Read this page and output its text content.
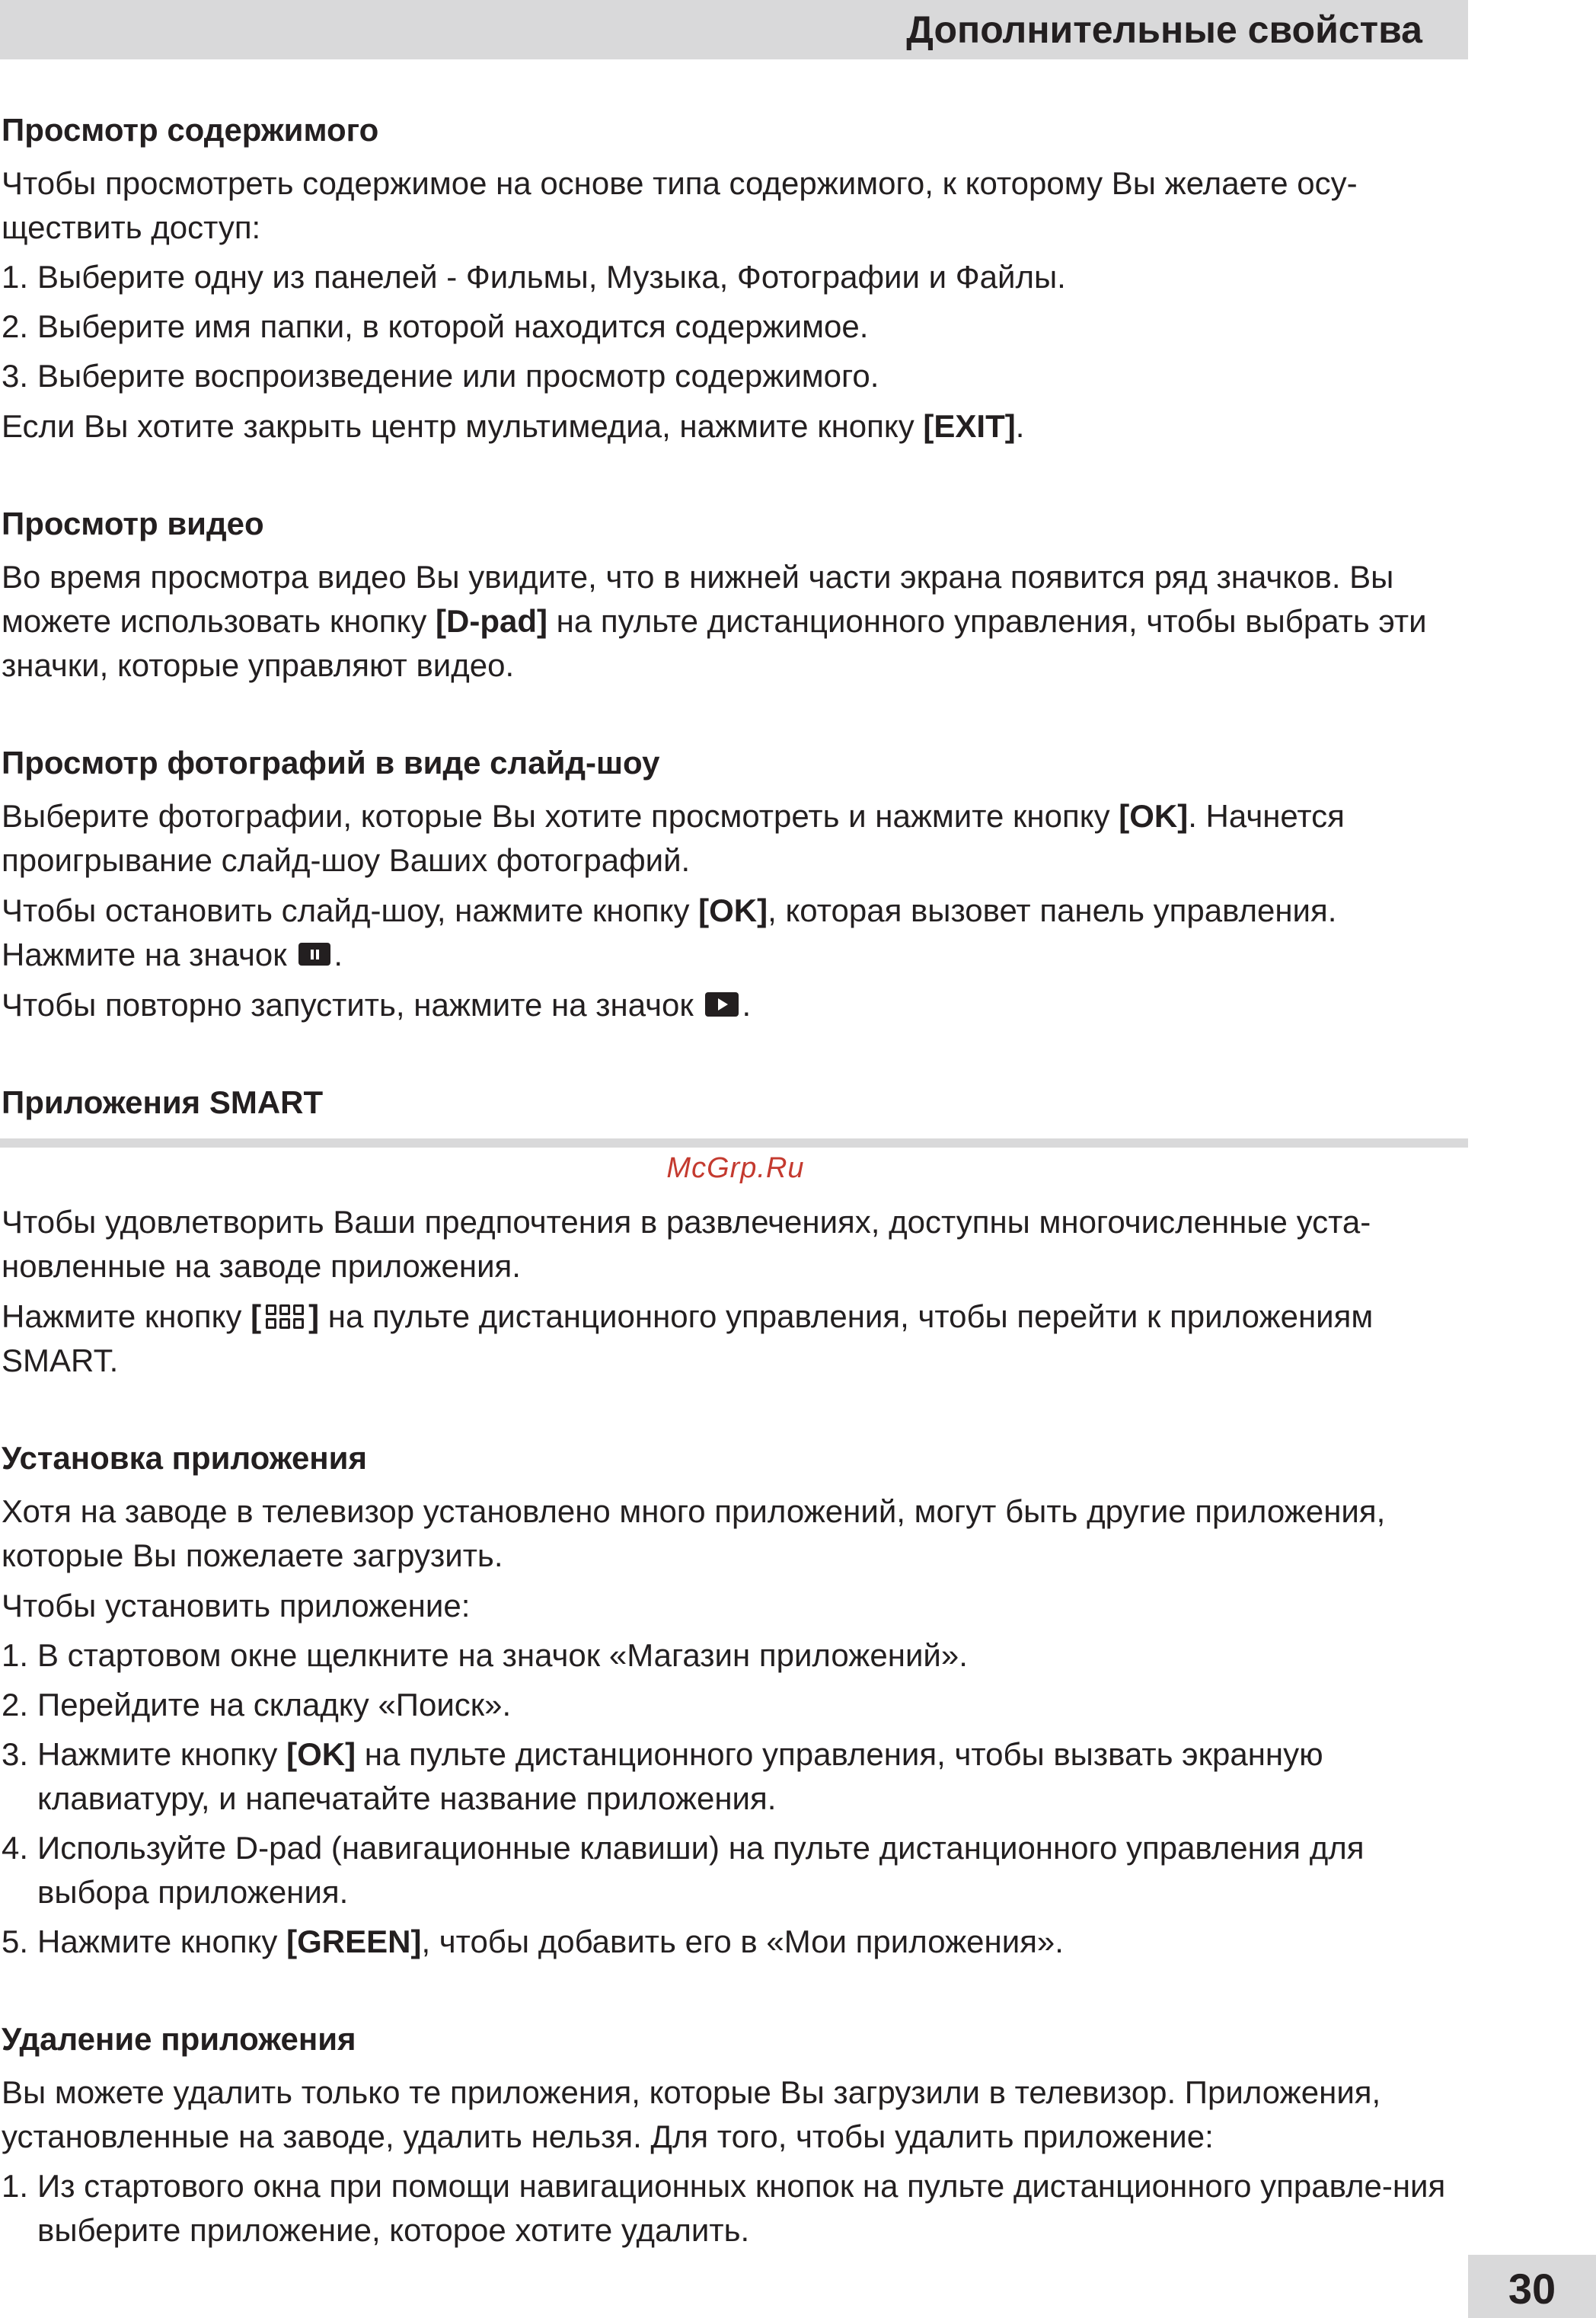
Дополнительные свойства
Просмотр содержимого

Чтобы просмотреть содержимое на основе типа содержимого, к которому Вы желаете осу-ществить доступ:

1. Выберите одну из панелей - Фильмы, Музыка, Фотографии и Файлы.
2. Выберите имя папки, в которой находится содержимое.
3. Выберите воспроизведение или просмотр содержимого.

Если Вы хотите закрыть центр мультимедиа, нажмите кнопку [EXIT].

Просмотр видео

Во время просмотра видео Вы увидите, что в нижней части экрана появится ряд значков. Вы можете использовать кнопку [D-pad] на пульте дистанционного управления, чтобы выбрать эти значки, которые управляют видео.

Просмотр фотографий в виде слайд-шоу

Выберите фотографии, которые Вы хотите просмотреть и нажмите кнопку [OK]. Начнется проигрывание слайд-шоу Ваших фотографий.

Чтобы остановить слайд-шоу, нажмите кнопку [OK], которая вызовет панель управления. Нажмите на значок .

Чтобы повторно запустить, нажмите на значок .

Приложения SMART
McGrp.Ru

Чтобы удовлетворить Ваши предпочтения в развлечениях, доступны многочисленные уста-новленные на заводе приложения.

Нажмите кнопку [ ] на пульте дистанционного управления, чтобы перейти к приложениям SMART.

Установка приложения

Хотя на заводе в телевизор установлено много приложений, могут быть другие приложения, которые Вы пожелаете загрузить.

Чтобы установить приложение:

1. В стартовом окне щелкните на значок «Магазин приложений».
2. Перейдите на складку «Поиск».
3. Нажмите кнопку [OK] на пульте дистанционного управления, чтобы вызвать экранную клавиатуру, и напечатайте название приложения.
4. Используйте D-pad (навигационные клавиши) на пульте дистанционного управления для выбора приложения.
5. Нажмите кнопку [GREEN], чтобы добавить его в «Мои приложения».
Удаление приложения

Вы можете удалить только те приложения, которые Вы загрузили в телевизор. Приложения, установленные на заводе, удалить нельзя. Для того, чтобы удалить приложение:

1. Из стартового окна при помощи навигационных кнопок на пульте дистанционного управле-ния выберите приложение, которое хотите удалить.
30
